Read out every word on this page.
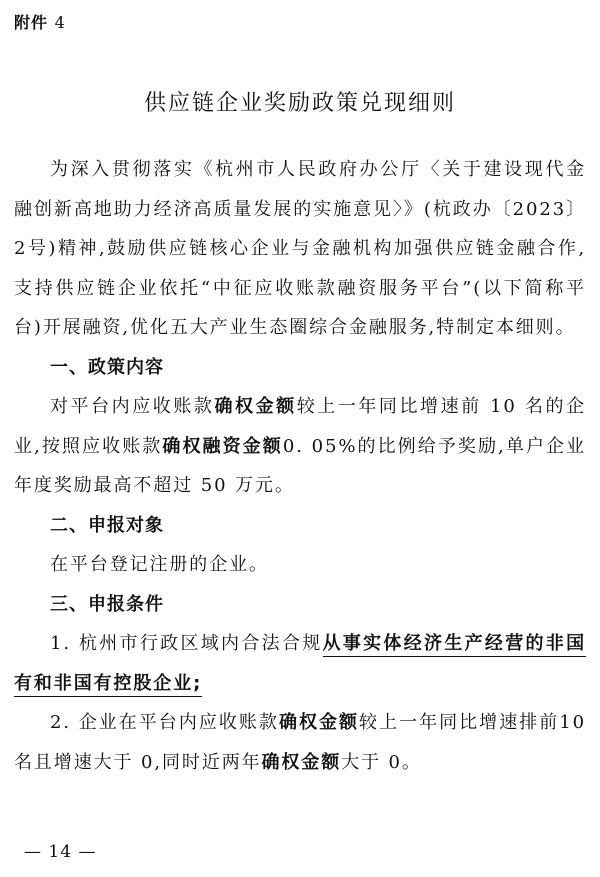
附件 4
供应链企业奖励政策兑现细则

为深入贯彻落实《杭州市人民政府办公厅〈关于建设现代金融创新高地助力经济高质量发展的实施意见〉》(杭政办〔2023〕2号)精神,鼓励供应链核心企业与金融机构加强供应链金融合作,支持供应链企业依托“中征应收账款融资服务平台”(以下简称平台)开展融资,优化五大产业生态圈综合金融服务,特制定本细则。

一、政策内容

对平台内应收账款确权金额较上一年同比增速前 10 名的企业,按照应收账款确权融资金额0. 05%的比例给予奖励,单户企业年度奖励最高不超过 50 万元。

二、申报对象

在平台登记注册的企业。

三、申报条件

1. 杭州市行政区域内合法合规从事实体经济生产经营的非国有和非国有控股企业;

2. 企业在平台内应收账款确权金额较上一年同比增速排前10 名且增速大于 0,同时近两年确权金额大于 0。

— 14 —
